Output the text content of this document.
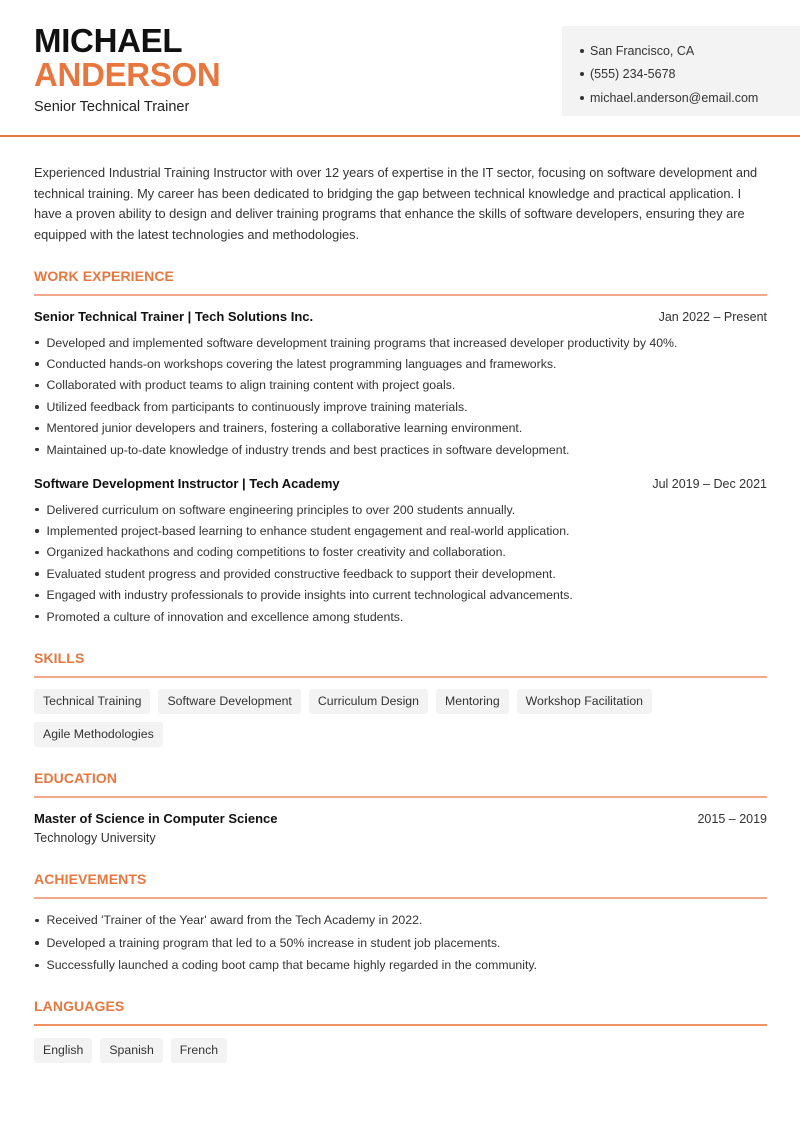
MICHAEL
ANDERSON
Senior Technical Trainer
San Francisco, CA
(555) 234-5678
michael.anderson@email.com

Experienced Industrial Training Instructor with over 12 years of expertise in the IT sector, focusing on software development and technical training. My career has been dedicated to bridging the gap between technical knowledge and practical application. I have a proven ability to design and deliver training programs that enhance the skills of software developers, ensuring they are equipped with the latest technologies and methodologies.

WORK EXPERIENCE
Senior Technical Trainer | Tech Solutions Inc.	Jan 2022 – Present
Developed and implemented software development training programs that increased developer productivity by 40%.
Conducted hands-on workshops covering the latest programming languages and frameworks.
Collaborated with product teams to align training content with project goals.
Utilized feedback from participants to continuously improve training materials.
Mentored junior developers and trainers, fostering a collaborative learning environment.
Maintained up-to-date knowledge of industry trends and best practices in software development.
Software Development Instructor | Tech Academy	Jul 2019 – Dec 2021
Delivered curriculum on software engineering principles to over 200 students annually.
Implemented project-based learning to enhance student engagement and real-world application.
Organized hackathons and coding competitions to foster creativity and collaboration.
Evaluated student progress and provided constructive feedback to support their development.
Engaged with industry professionals to provide insights into current technological advancements.
Promoted a culture of innovation and excellence among students.
SKILLS
Technical Training	Software Development	Curriculum Design	Mentoring	Workshop Facilitation
Agile Methodologies
EDUCATION
Master of Science in Computer Science	2015 – 2019
Technology University
ACHIEVEMENTS
Received 'Trainer of the Year' award from the Tech Academy in 2022.
Developed a training program that led to a 50% increase in student job placements.
Successfully launched a coding boot camp that became highly regarded in the community.
LANGUAGES
English	Spanish	French
